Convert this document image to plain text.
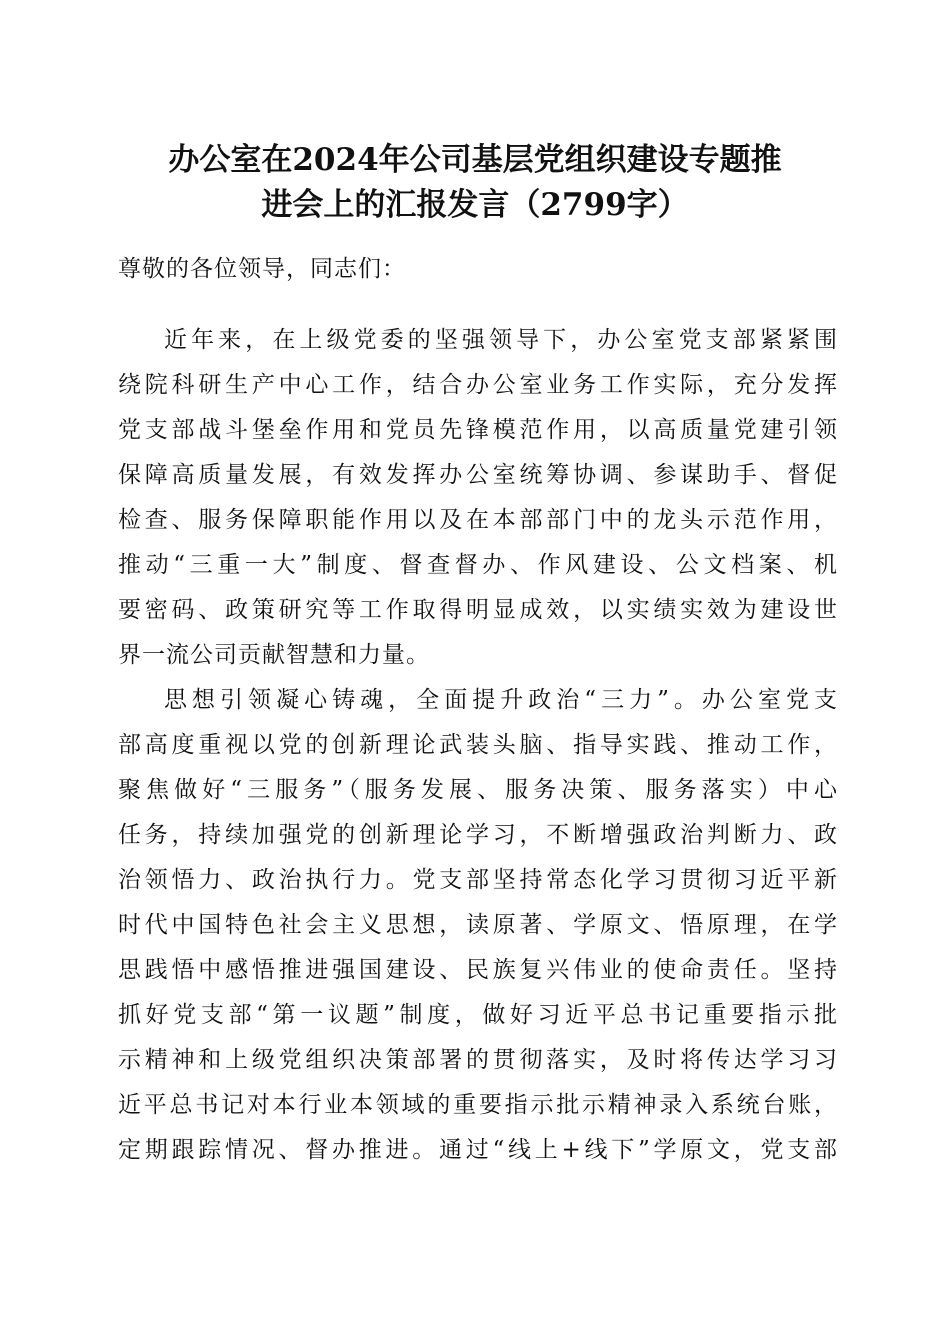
办公室在2024年公司基层党组织建设专题推
进会上的汇报发言（2799字）
尊敬的各位领导，同志们：
近年来，在上级党委的坚强领导下，办公室党支部紧紧围
绕院科研生产中心工作，结合办公室业务工作实际，充分发挥
党支部战斗堡垒作用和党员先锋模范作用，以高质量党建引领
保障高质量发展，有效发挥办公室统筹协调、参谋助手、督促
检查、服务保障职能作用以及在本部部门中的龙头示范作用，
推动“三重一大”制度、督查督办、作风建设、公文档案、机
要密码、政策研究等工作取得明显成效，以实绩实效为建设世
界一流公司贡献智慧和力量。
思想引领凝心铸魂，全面提升政治“三力”。办公室党支
部高度重视以党的创新理论武装头脑、指导实践、推动工作，
聚焦做好“三服务”（服务发展、服务决策、服务落实）中心
任务，持续加强党的创新理论学习，不断增强政治判断力、政
治领悟力、政治执行力。党支部坚持常态化学习贯彻习近平新
时代中国特色社会主义思想，读原著、学原文、悟原理，在学
思践悟中感悟推进强国建设、民族复兴伟业的使命责任。坚持
抓好党支部“第一议题”制度，做好习近平总书记重要指示批
示精神和上级党组织决策部署的贯彻落实，及时将传达学习习
近平总书记对本行业本领域的重要指示批示精神录入系统台账，
定期跟踪情况、督办推进。通过“线上+线下”学原文，党支部
